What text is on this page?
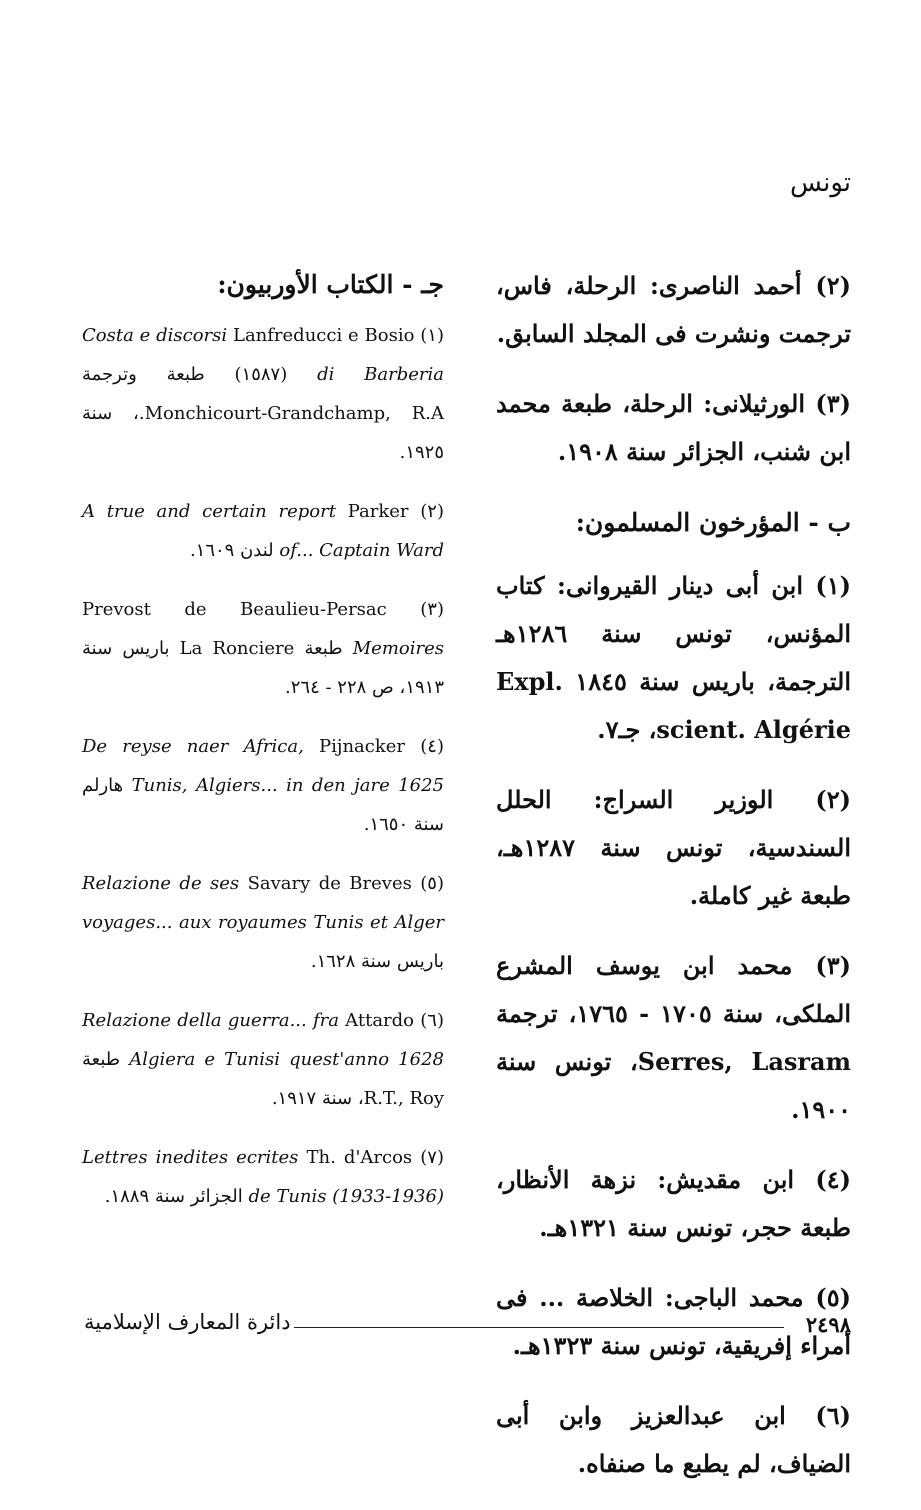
تونس

(٢) أحمد الناصرى: الرحلة، فاس، ترجمت ونشرت فى المجلد السابق.

(٣) الورثيلانى: الرحلة، طبعة محمد ابن شنب، الجزائر سنة ١٩٠٨.

ب - المؤرخون المسلمون:

(١) ابن أبى دينار القيروانى: كتاب المؤنس، تونس سنة ١٢٨٦هـ الترجمة، باريس سنة ١٨٤٥ Expl. scient. Algérie، جـ٧.

(٢) الوزير السراج: الحلل السندسية، تونس سنة ١٢٨٧هـ، طبعة غير كاملة.

(٣) محمد ابن يوسف المشرع الملكى، سنة ١٧٠٥ - ١٧٦٥، ترجمة Serres, Lasram، تونس سنة ١٩٠٠.

(٤) ابن مقديش: نزهة الأنظار، طبعة حجر، تونس سنة ١٣٢١هـ.

(٥) محمد الباجى: الخلاصة ... فى أمراء إفريقية، تونس سنة ١٣٢٣هـ.

(٦) ابن عبدالعزيز وابن أبى الضياف، لم يطبع ما صنفاه.

جـ - الكتاب الأوربيون:

(١) Lanfreducci e Bosio Costa e discorsi di Barberia (١٥٨٧) طبعة وترجمة Monchicourt-Grandchamp, R.A.، سنة ١٩٢٥.

(٢) Parker A true and certain report of... Captain Ward لندن ١٦٠٩.

(٣) Prevost de Beaulieu-Persac Memoires طبعة La Ronciere باريس سنة ١٩١٣، ص ٢٢٨ - ٢٦٤.

(٤) Pijnacker De reyse naer Africa, Tunis, Algiers... in den jare 1625 هارلم سنة ١٦٥٠.

(٥) Savary de Breves Relazione de ses voyages... aux royaumes Tunis et Alger باريس سنة ١٦٢٨.

(٦) Attardo Relazione della guerra... fra Algiera e Tunisi quest'anno 1628 طبعة R.T., Roy، سنة ١٩١٧.

(٧) Th. d'Arcos Lettres inedites ecrites de Tunis (1933-1936) الجزائر سنة ١٨٨٩.

٢٤٩٨
دائرة المعارف الإسلامية
